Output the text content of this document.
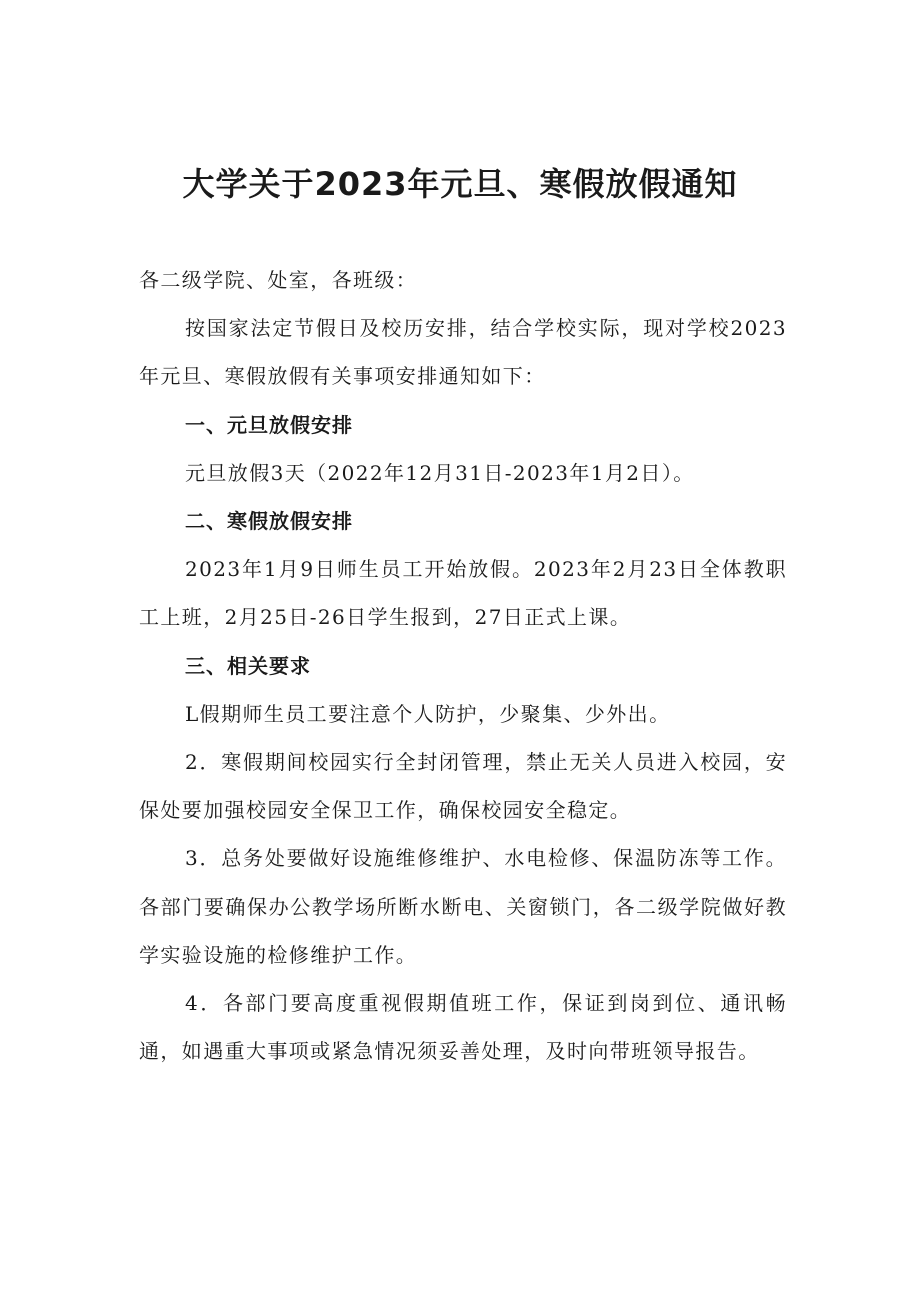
大学关于2023年元旦、寒假放假通知

各二级学院、处室，各班级：

按国家法定节假日及校历安排，结合学校实际，现对学校2023年元旦、寒假放假有关事项安排通知如下：

一、元旦放假安排

元旦放假3天（2022年12月31日-2023年1月2日）。

二、寒假放假安排

2023年1月9日师生员工开始放假。2023年2月23日全体教职工上班，2月25日-26日学生报到，27日正式上课。

三、相关要求

L假期师生员工要注意个人防护，少聚集、少外出。

2．寒假期间校园实行全封闭管理，禁止无关人员进入校园，安保处要加强校园安全保卫工作，确保校园安全稳定。

3．总务处要做好设施维修维护、水电检修、保温防冻等工作。各部门要确保办公教学场所断水断电、关窗锁门，各二级学院做好教学实验设施的检修维护工作。

4．各部门要高度重视假期值班工作，保证到岗到位、通讯畅通，如遇重大事项或紧急情况须妥善处理，及时向带班领导报告。
